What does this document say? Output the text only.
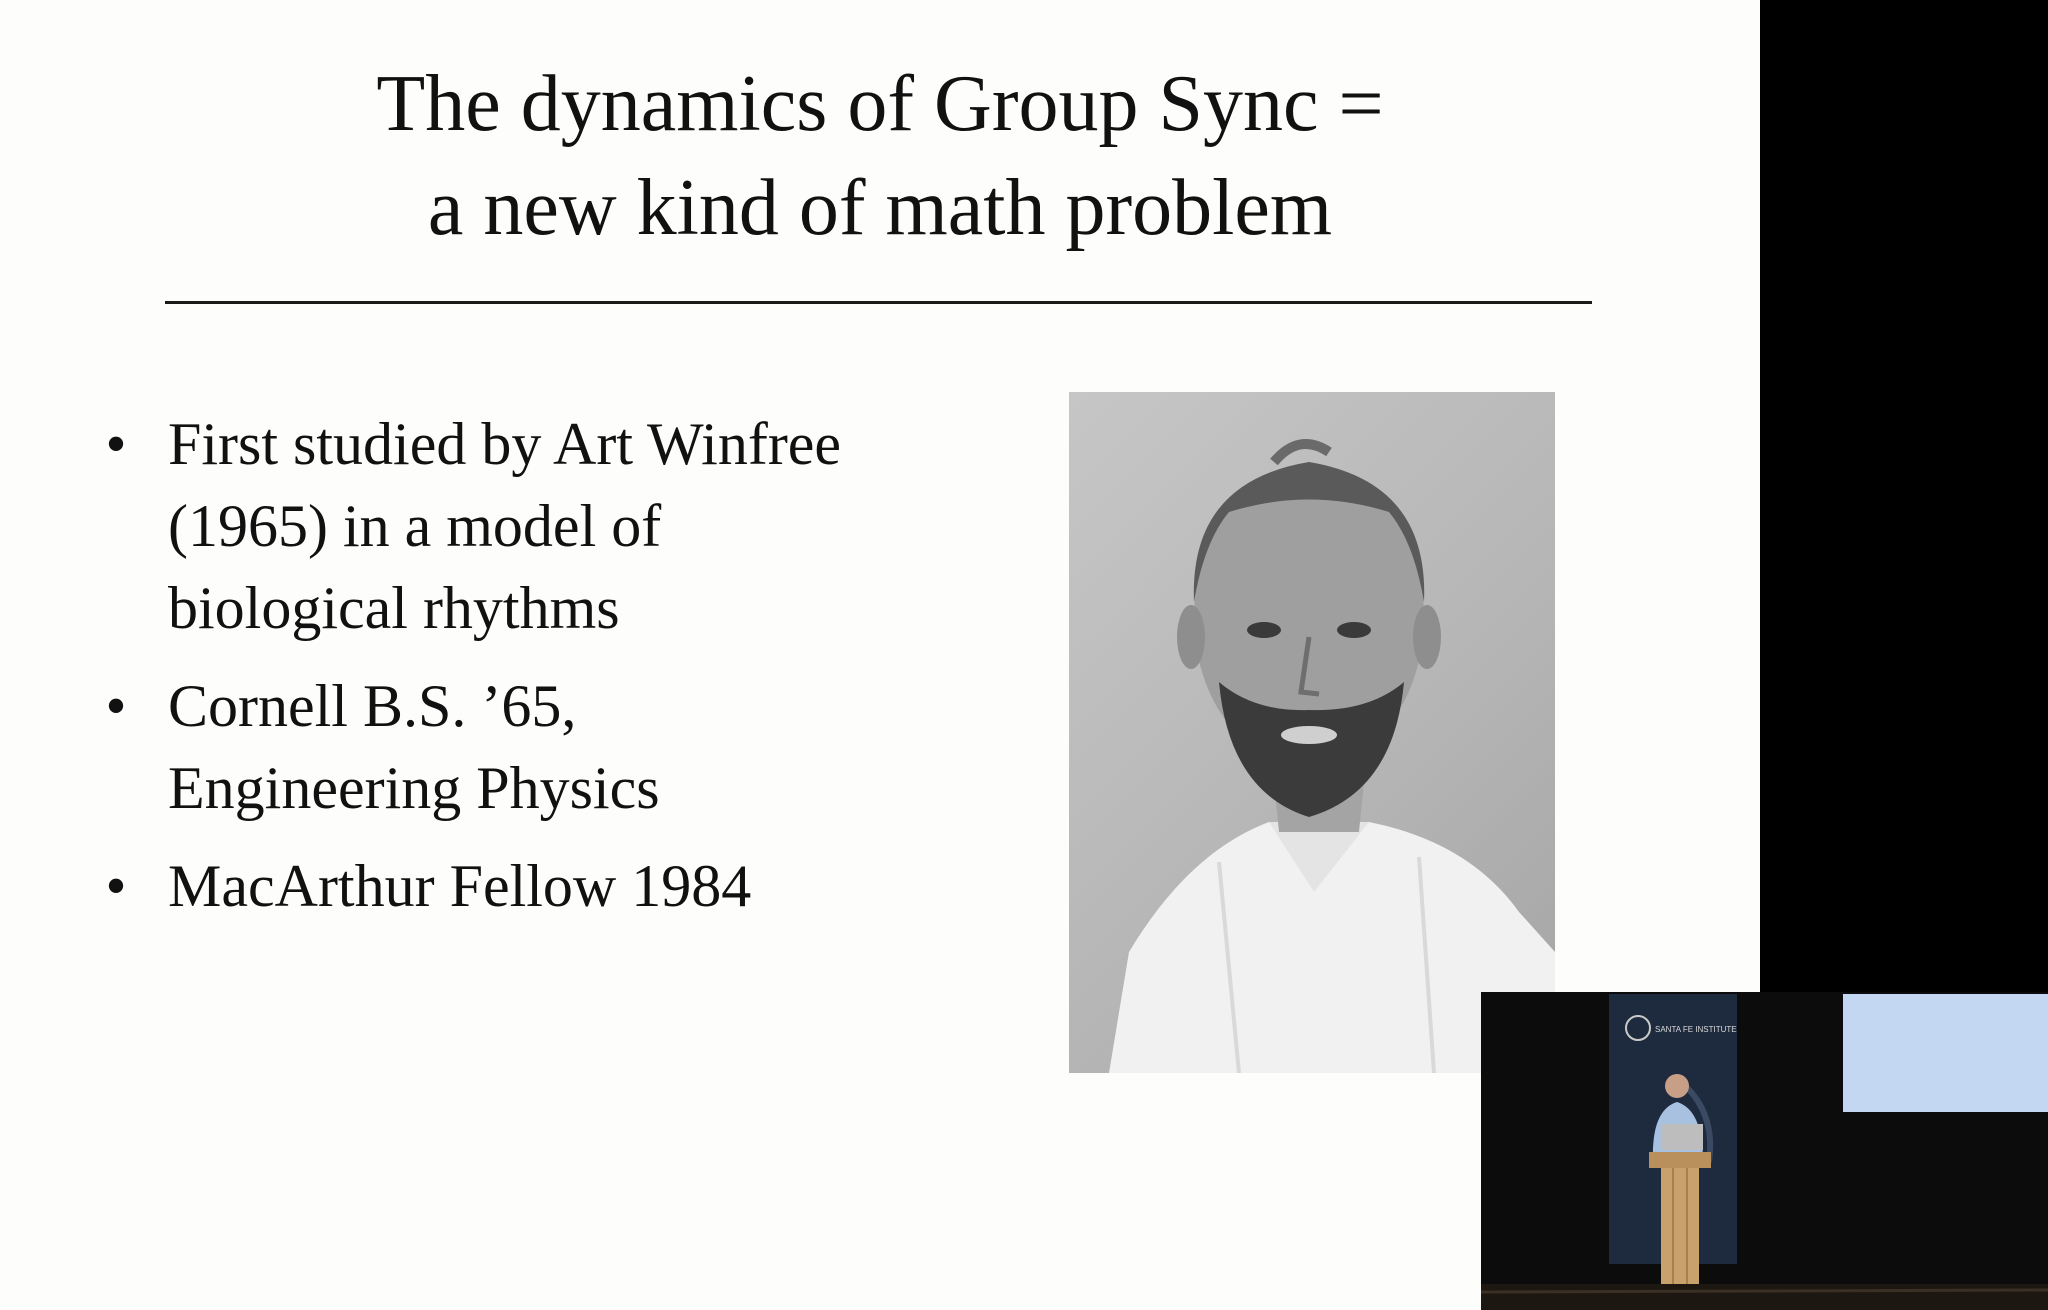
The dynamics of Group Sync =
a new kind of math problem
• First studied by Art Winfree
(1965) in a model of
biological rhythms
• Cornell B.S. ’65,
Engineering Physics
• MacArthur Fellow 1984
SANTA FE INSTITUTE
